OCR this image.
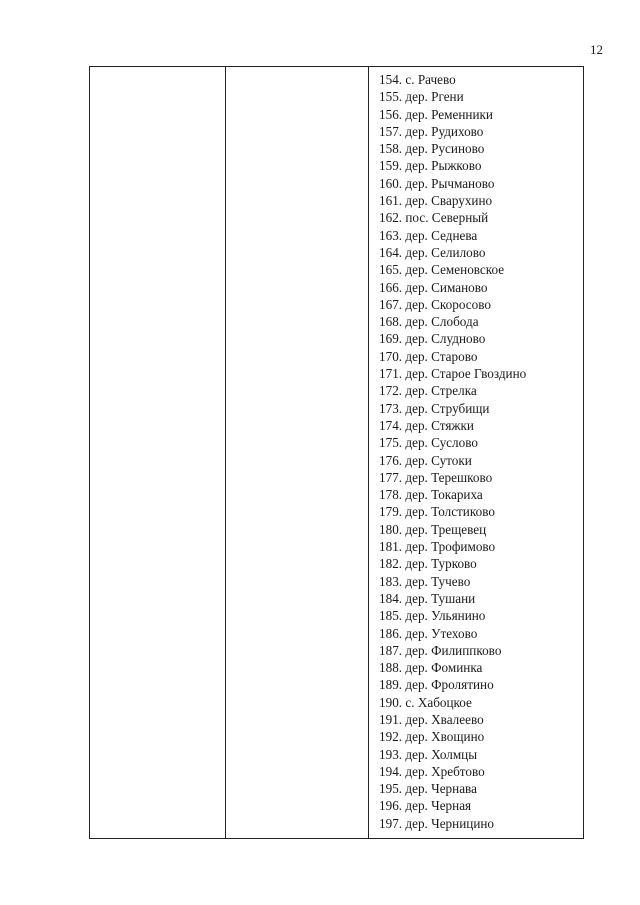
12
154. с. Рачево
155. дер. Ргени
156. дер. Ременники
157. дер. Рудихово
158. дер. Русиново
159. дер. Рыжково
160. дер. Рычманово
161. дер. Сварухино
162. пос. Северный
163. дер. Седнева
164. дер. Селилово
165. дер. Семеновское
166. дер. Симаново
167. дер. Скоросово
168. дер. Слобода
169. дер. Слудново
170. дер. Старово
171. дер. Старое Гвоздино
172. дер. Стрелка
173. дер. Струбищи
174. дер. Стяжки
175. дер. Суслово
176. дер. Сутоки
177. дер. Терешково
178. дер. Токариха
179. дер. Толстиково
180. дер. Трещевец
181. дер. Трофимово
182. дер. Турково
183. дер. Тучево
184. дер. Тушани
185. дер. Ульянино
186. дер. Утехово
187. дер. Филиппково
188. дер. Фоминка
189. дер. Фролятино
190. с. Хабоцкое
191. дер. Хвалеево
192. дер. Хвощино
193. дер. Холмцы
194. дер. Хребтово
195. дер. Чернава
196. дер. Черная
197. дер. Черницино
